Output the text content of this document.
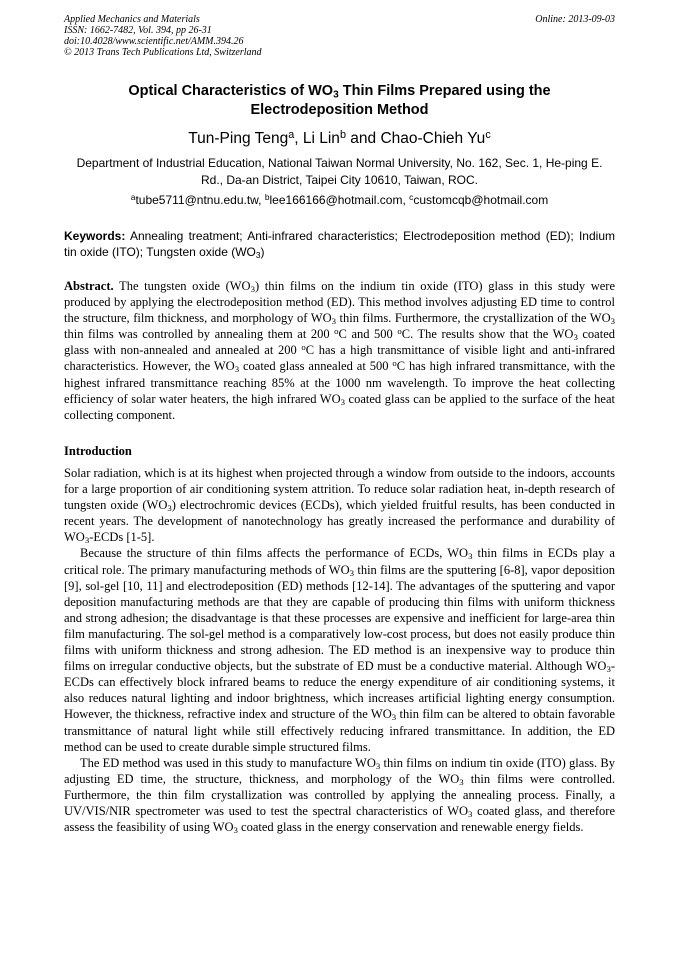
Applied Mechanics and Materials
ISSN: 1662-7482, Vol. 394, pp 26-31
doi:10.4028/www.scientific.net/AMM.394.26
© 2013 Trans Tech Publications Ltd, Switzerland
Online: 2013-09-03
Optical Characteristics of $WO_3$ Thin Films Prepared using the
Electrodeposition Method
Tun-Ping Teng$^a$, Li Lin$^b$ and Chao-Chieh Yu$^c$
Department of Industrial Education, National Taiwan Normal University, No. 162, Sec. 1, He-ping E.
Rd., Da-an District, Taipei City 10610, Taiwan, ROC.
$^a$tube5711@ntnu.edu.tw, $^b$lee166166@hotmail.com, $^c$customcqb@hotmail.com
Keywords: Annealing treatment; Anti-infrared characteristics; Electrodeposition method (ED); Indium tin oxide (ITO); Tungsten oxide $(WO_3)$
Abstract. The tungsten oxide $(WO_3)$ thin films on the indium tin oxide (ITO) glass in this study were produced by applying the electrodeposition method (ED). This method involves adjusting ED time to control the structure, film thickness, and morphology of $WO_3$ thin films. Furthermore, the crystallization of the $WO_3$ thin films was controlled by annealing them at 200 $^o$C and 500 $^o$C. The results show that the $WO_3$ coated glass with non-annealed and annealed at 200 $^o$C has a high transmittance of visible light and anti-infrared characteristics. However, the $WO_3$ coated glass annealed at 500 $^o$C has high infrared transmittance, with the highest infrared transmittance reaching 85% at the 1000 nm wavelength. To improve the heat collecting efficiency of solar water heaters, the high infrared $WO_3$ coated glass can be applied to the surface of the heat collecting component.
Introduction

Solar radiation, which is at its highest when projected through a window from outside to the indoors, accounts for a large proportion of air conditioning system attrition. To reduce solar radiation heat, in-depth research of tungsten oxide $(WO_3)$ electrochromic devices (ECDs), which yielded fruitful results, has been conducted in recent years. The development of nanotechnology has greatly increased the performance and durability of $WO_3$-ECDs [1-5].

Because the structure of thin films affects the performance of ECDs, $WO_3$ thin films in ECDs play a critical role. The primary manufacturing methods of $WO_3$ thin films are the sputtering [6-8], vapor deposition [9], sol-gel [10, 11] and electrodeposition (ED) methods [12-14]. The advantages of the sputtering and vapor deposition manufacturing methods are that they are capable of producing thin films with uniform thickness and strong adhesion; the disadvantage is that these processes are expensive and inefficient for large-area thin film manufacturing. The sol-gel method is a comparatively low-cost process, but does not easily produce thin films with uniform thickness and strong adhesion. The ED method is an inexpensive way to produce thin films on irregular conductive objects, but the substrate of ED must be a conductive material. Although $WO_3$-ECDs can effectively block infrared beams to reduce the energy expenditure of air conditioning systems, it also reduces natural lighting and indoor brightness, which increases artificial lighting energy consumption. However, the thickness, refractive index and structure of the $WO_3$ thin film can be altered to obtain favorable transmittance of natural light while still effectively reducing infrared transmittance. In addition, the ED method can be used to create durable simple structured films.

The ED method was used in this study to manufacture $WO_3$ thin films on indium tin oxide (ITO) glass. By adjusting ED time, the structure, thickness, and morphology of the $WO_3$ thin films were controlled. Furthermore, the thin film crystallization was controlled by applying the annealing process. Finally, a UV/VIS/NIR spectrometer was used to test the spectral characteristics of $WO_3$ coated glass, and therefore assess the feasibility of using $WO_3$ coated glass in the energy conservation and renewable energy fields.
